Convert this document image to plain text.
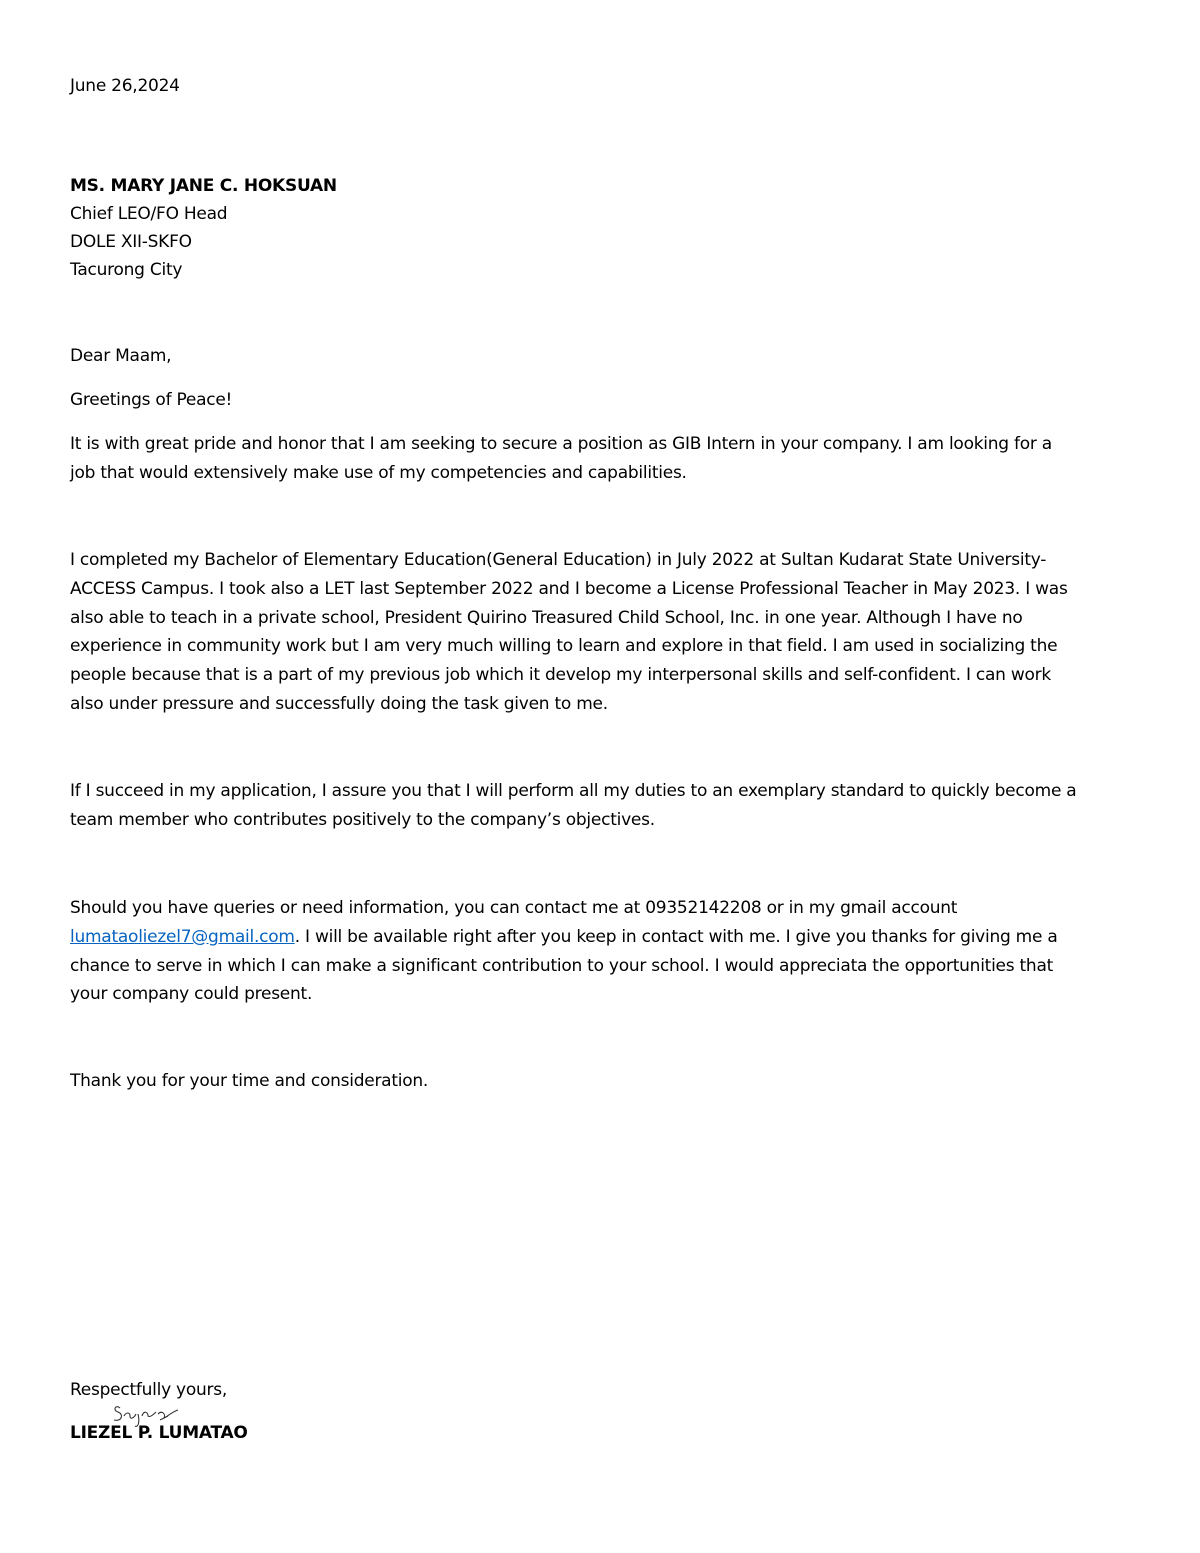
June 26,2024
MS. MARY JANE C. HOKSUAN
Chief LEO/FO Head
DOLE XII-SKFO
Tacurong City
Dear Maam,
Greetings of Peace!
It is with great pride and honor that I am seeking to secure a position as GIB Intern in your company. I am looking for a
job that would extensively make use of my competencies and capabilities.
I completed my Bachelor of Elementary Education(General Education) in July 2022 at Sultan Kudarat State University-
ACCESS Campus. I took also a LET last September 2022 and I become a License Professional Teacher in May 2023. I was
also able to teach in a private school, President Quirino Treasured Child School, Inc. in one year. Although I have no
experience in community work but I am very much willing to learn and explore in that field. I am used in socializing the
people because that is a part of my previous job which it develop my interpersonal skills and self-confident. I can work
also under pressure and successfully doing the task given to me.
If I succeed in my application, I assure you that I will perform all my duties to an exemplary standard to quickly become a
team member who contributes positively to the company’s objectives.
Should you have queries or need information, you can contact me at 09352142208 or in my gmail account
lumataoliezel7@gmail.com. I will be available right after you keep in contact with me. I give you thanks for giving me a
chance to serve in which I can make a significant contribution to your school. I would appreciata the opportunities that
your company could present.
Thank you for your time and consideration.
Respectfully yours,
LIEZEL P. LUMATAO
